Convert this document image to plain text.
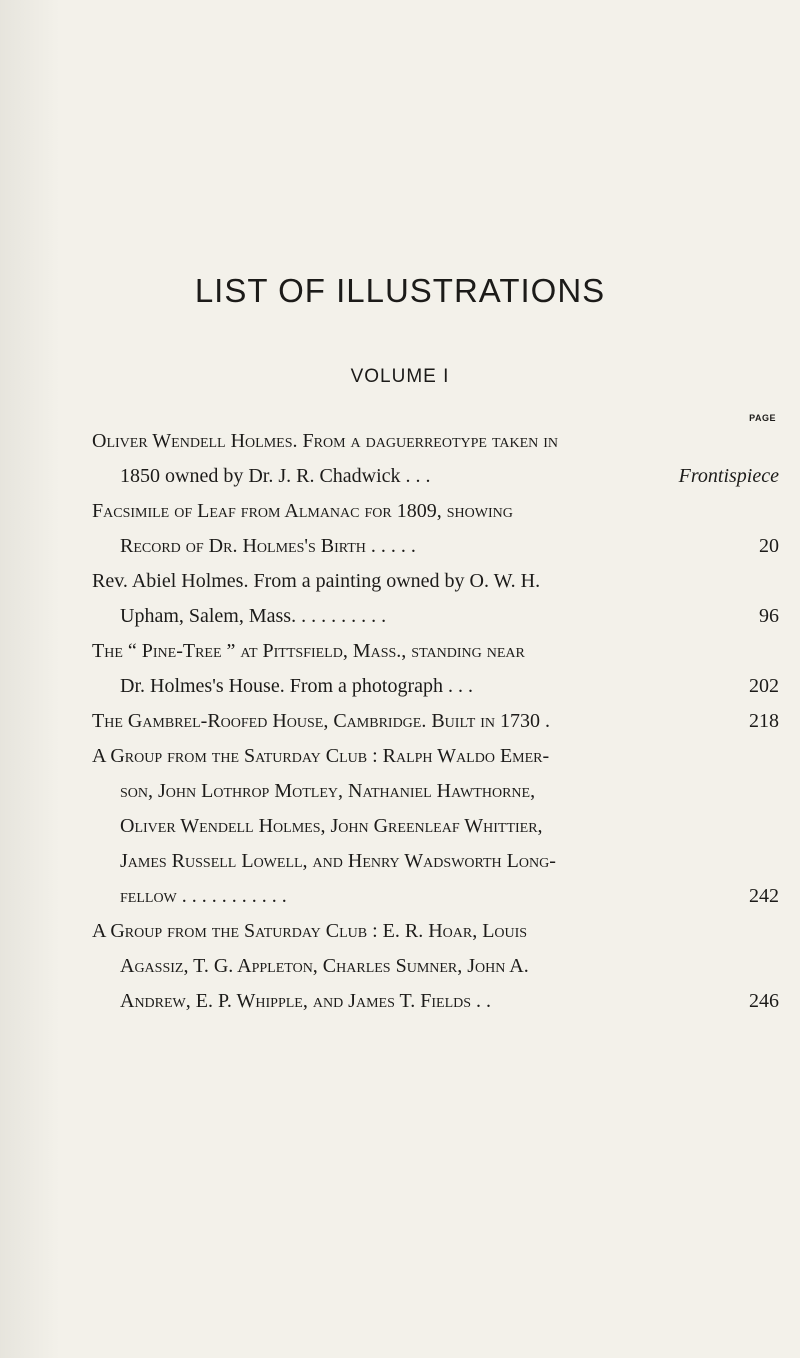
LIST OF ILLUSTRATIONS
VOLUME I
PAGE
Oliver Wendell Holmes. From a daguerreotype taken in
1850 owned by Dr. J. R. Chadwick . . .	Frontispiece
Facsimile of Leaf from Almanac for 1809, showing
Record of Dr. Holmes's Birth . . . . .	20
Rev. Abiel Holmes. From a painting owned by O. W. H.
Upham, Salem, Mass. . . . . . . . . .	96
The “ Pine-Tree ” at Pittsfield, Mass., standing near
Dr. Holmes's House. From a photograph . . .	202
The Gambrel-Roofed House, Cambridge. Built in 1730 .	218
A Group from the Saturday Club : Ralph Waldo Emer-
son, John Lothrop Motley, Nathaniel Hawthorne,
Oliver Wendell Holmes, John Greenleaf Whittier,
James Russell Lowell, and Henry Wadsworth Long-
fellow . . . . . . . . . . .	242
A Group from the Saturday Club : E. R. Hoar, Louis
Agassiz, T. G. Appleton, Charles Sumner, John A.
Andrew, E. P. Whipple, and James T. Fields . .	246
